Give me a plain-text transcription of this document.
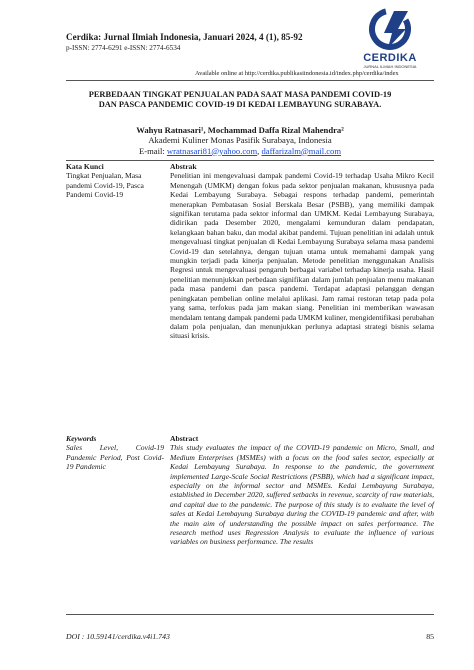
Cerdika: Jurnal Ilmiah Indonesia, Januari 2024, 4 (1), 85-92
p-ISSN: 2774-6291 e-ISSN: 2774-6534
CERDIKA
JURNAL ILMIAH INDONESIA
Available online at http://cerdika.publikasiindonesia.id/index.php/cerdika/index
PERBEDAAN TINGKAT PENJUALAN PADA SAAT MASA PANDEMI COVID-19
DAN PASCA PANDEMIC COVID-19 DI KEDAI LEMBAYUNG SURABAYA.
Wahyu Ratnasari¹, Mochammad Daffa Rizal Mahendra²
Akademi Kuliner Monas Pasifik Surabaya, Indonesia
E-mail: wratnasari81@yahoo.com, daffarizalm@mail.com
Kata Kunci
Tingkat Penjualan, Masa pandemi Covid-19, Pasca Pandemi Covid-19
Abstrak
Penelitian ini mengevaluasi dampak pandemi Covid-19 terhadap Usaha Mikro Kecil Menengah (UMKM) dengan fokus pada sektor penjualan makanan, khususnya pada Kedai Lembayung Surabaya. Sebagai respons terhadap pandemi, pemerintah menerapkan Pembatasan Sosial Berskala Besar (PSBB), yang memiliki dampak signifikan terutama pada sektor informal dan UMKM. Kedai Lembayung Surabaya, didirikan pada Desember 2020, mengalami kemunduran dalam pendapatan, kelangkaan bahan baku, dan modal akibat pandemi. Tujuan penelitian ini adalah untuk mengevaluasi tingkat penjualan di Kedai Lembayung Surabaya selama masa pandemi Covid-19 dan setelahnya, dengan tujuan utama untuk memahami dampak yang mungkin terjadi pada kinerja penjualan. Metode penelitian menggunakan Analisis Regresi untuk mengevaluasi pengaruh berbagai variabel terhadap kinerja usaha. Hasil penelitian menunjukkan perbedaan signifikan dalam jumlah penjualan menu makanan pada masa pandemi dan pasca pandemi. Terdapat adaptasi pelanggan dengan peningkatan pembelian online melalui aplikasi. Jam ramai restoran tetap pada pola yang sama, terfokus pada jam makan siang. Penelitian ini memberikan wawasan mendalam tentang dampak pandemi pada UMKM kuliner, mengidentifikasi perubahan dalam pola penjualan, dan menunjukkan perlunya adaptasi strategi bisnis selama situasi krisis.
Keywords
Sales Level, Covid-19 Pandemic Period, Post Covid-19 Pandemic
Abstract
This study evaluates the impact of the COVID-19 pandemic on Micro, Small, and Medium Enterprises (MSMEs) with a focus on the food sales sector, especially at Kedai Lembayung Surabaya. In response to the pandemic, the government implemented Large-Scale Social Restrictions (PSBB), which had a significant impact, especially on the informal sector and MSMEs. Kedai Lembayung Surabaya, established in December 2020, suffered setbacks in revenue, scarcity of raw materials, and capital due to the pandemic. The purpose of this study is to evaluate the level of sales at Kedai Lembayung Surabaya during the COVID-19 pandemic and after, with the main aim of understanding the possible impact on sales performance. The research method uses Regression Analysis to evaluate the influence of various variables on business performance. The results
DOI : 10.59141/cerdika.v4i1.743	85
